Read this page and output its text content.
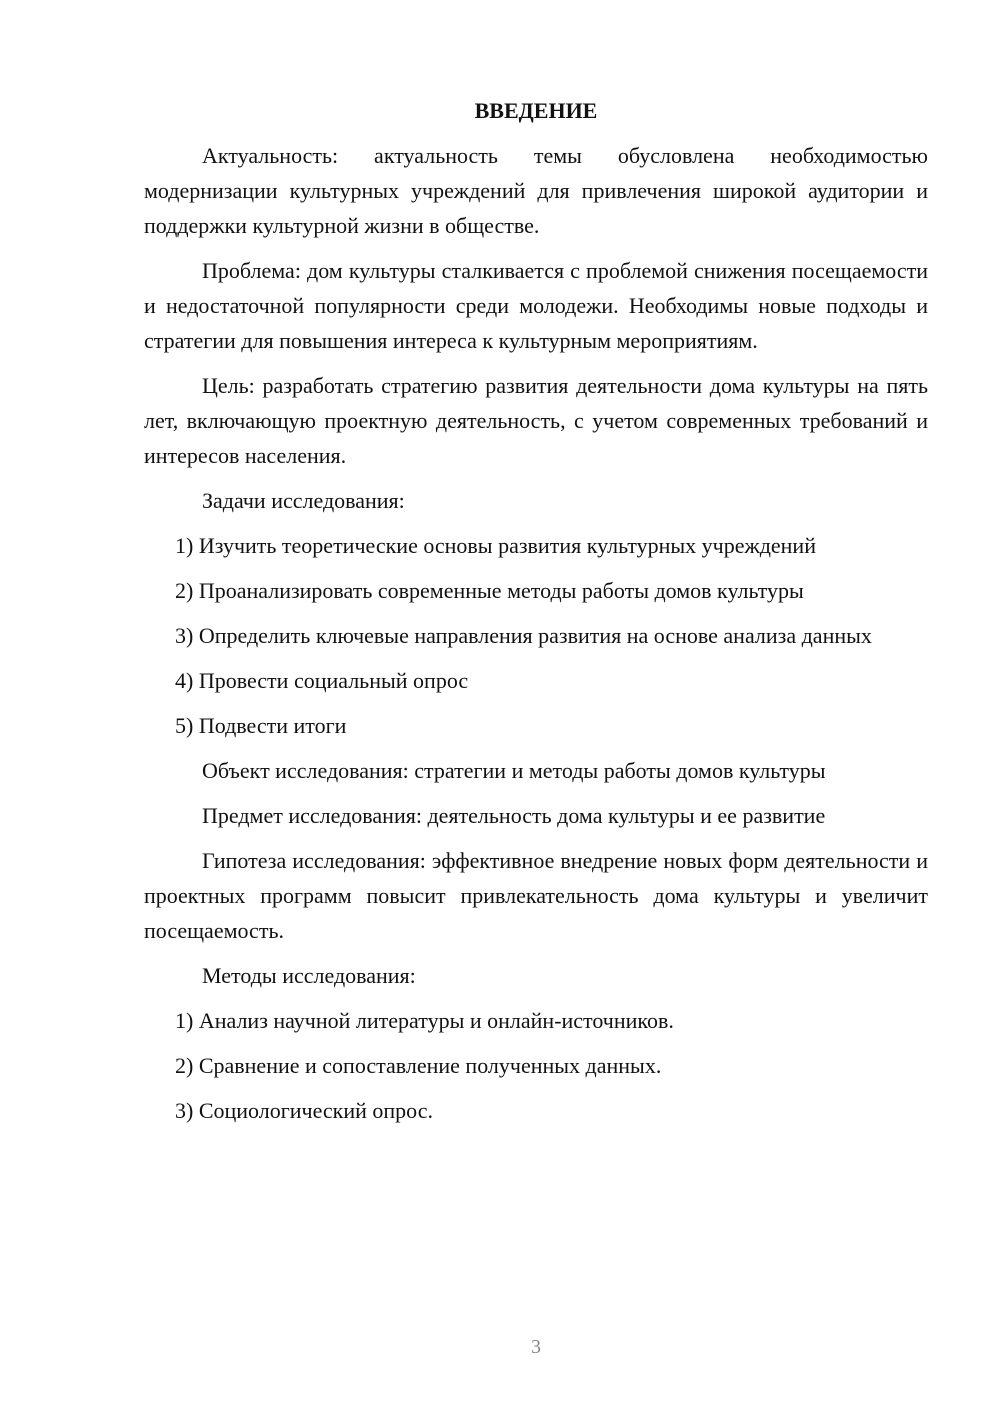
ВВЕДЕНИЕ

Актуальность: актуальность темы обусловлена необходимостью модернизации культурных учреждений для привлечения широкой аудитории и поддержки культурной жизни в обществе.

Проблема: дом культуры сталкивается с проблемой снижения посещаемости и недостаточной популярности среди молодежи. Необходимы новые подходы и стратегии для повышения интереса к культурным мероприятиям.

Цель: разработать стратегию развития деятельности дома культуры на пять лет, включающую проектную деятельность, с учетом современных требований и интересов населения.

Задачи исследования:

1) Изучить теоретические основы развития культурных учреждений

2) Проанализировать современные методы работы домов культуры

3) Определить ключевые направления развития на основе анализа данных

4) Провести социальный опрос

5) Подвести итоги

Объект исследования: стратегии и методы работы домов культуры

Предмет исследования: деятельность дома культуры и ее развитие

Гипотеза исследования: эффективное внедрение новых форм деятельности и проектных программ повысит привлекательность дома культуры и увеличит посещаемость.

Методы исследования:

1) Анализ научной литературы и онлайн-источников.

2) Сравнение и сопоставление полученных данных.

3) Социологический опрос.

3
